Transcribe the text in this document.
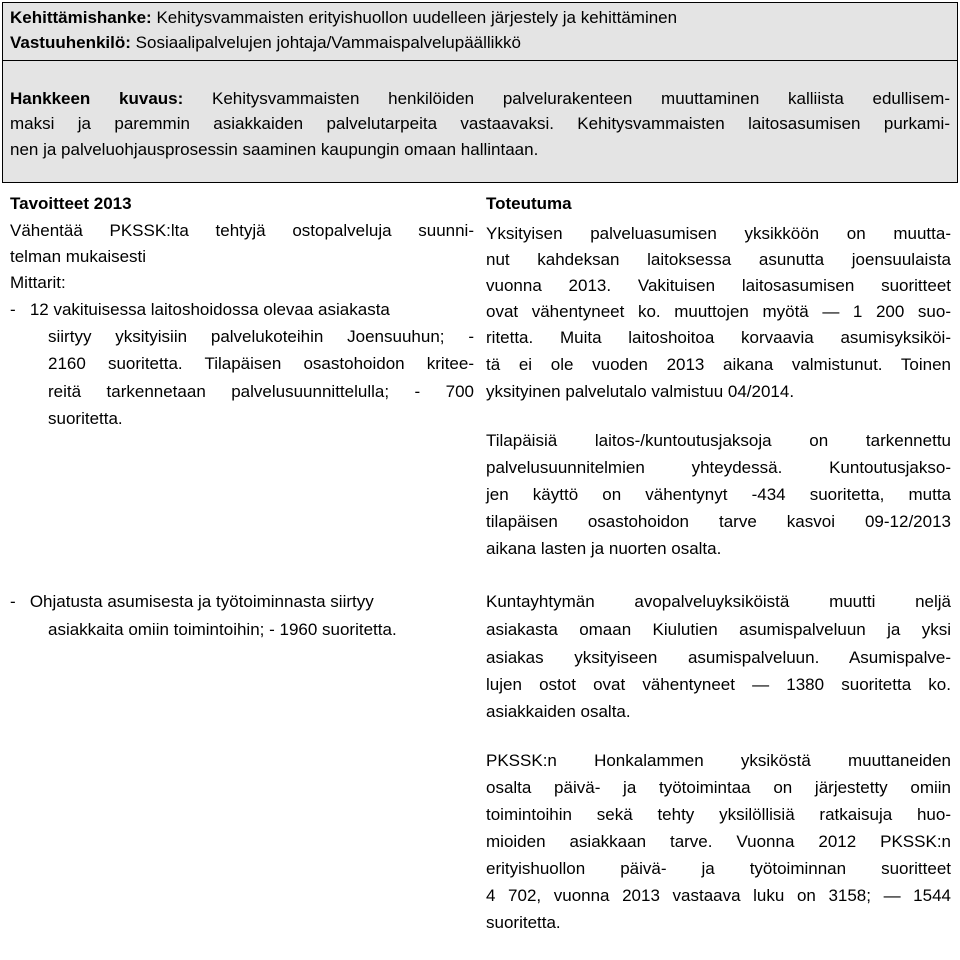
Kehittämishanke: Kehitysvammaisten erityishuollon uudelleen järjestely ja kehittäminen
Vastuuhenkilö: Sosiaalipalvelujen johtaja/Vammaispalvelupäällikkö
Hankkeen kuvaus: Kehitysvammaisten henkilöiden palvelurakenteen muuttaminen kalliista edullisem-
maksi ja paremmin asiakkaiden palvelutarpeita vastaavaksi. Kehitysvammaisten laitosasumisen purkami-
nen ja palveluohjausprosessin saaminen kaupungin omaan hallintaan.
Tavoitteet 2013
Vähentää PKSSK:lta tehtyjä ostopalveluja suunni-
telman mukaisesti
Mittarit:
-   12 vakituisessa laitoshoidossa olevaa asiakasta
siirtyy yksityisiin palvelukoteihin Joensuuhun; -
2160 suoritetta. Tilapäisen osastohoidon kritee-
reitä tarkennetaan palvelusuunnittelulla; - 700
suoritetta.
-   Ohjatusta asumisesta ja työtoiminnasta siirtyy
asiakkaita omiin toimintoihin; - 1960 suoritetta.
Toteutuma
Yksityisen palveluasumisen yksikköön on muutta-
nut kahdeksan laitoksessa asunutta joensuulaista
vuonna 2013. Vakituisen laitosasumisen suoritteet
ovat vähentyneet ko. muuttojen myötä — 1 200 suo-
ritetta. Muita laitoshoitoa korvaavia asumisyksiköi-
tä ei ole vuoden 2013 aikana valmistunut. Toinen
yksityinen palvelutalo valmistuu 04/2014.
Tilapäisiä laitos-/kuntoutusjaksoja on tarkennettu
palvelusuunnitelmien yhteydessä. Kuntoutusjakso-
jen käyttö on vähentynyt -434 suoritetta, mutta
tilapäisen osastohoidon tarve kasvoi 09-12/2013
aikana lasten ja nuorten osalta.
Kuntayhtymän avopalveluyksiköistä muutti neljä
asiakasta omaan Kiulutien asumispalveluun ja yksi
asiakas yksityiseen asumispalveluun. Asumispalve-
lujen ostot ovat vähentyneet — 1380 suoritetta ko.
asiakkaiden osalta.
PKSSK:n Honkalammen yksiköstä muuttaneiden
osalta päivä- ja työtoimintaa on järjestetty omiin
toimintoihin sekä tehty yksilöllisiä ratkaisuja huo-
mioiden asiakkaan tarve. Vuonna 2012 PKSSK:n
erityishuollon päivä- ja työtoiminnan suoritteet
4 702, vuonna 2013 vastaava luku on 3158; — 1544
suoritetta.
